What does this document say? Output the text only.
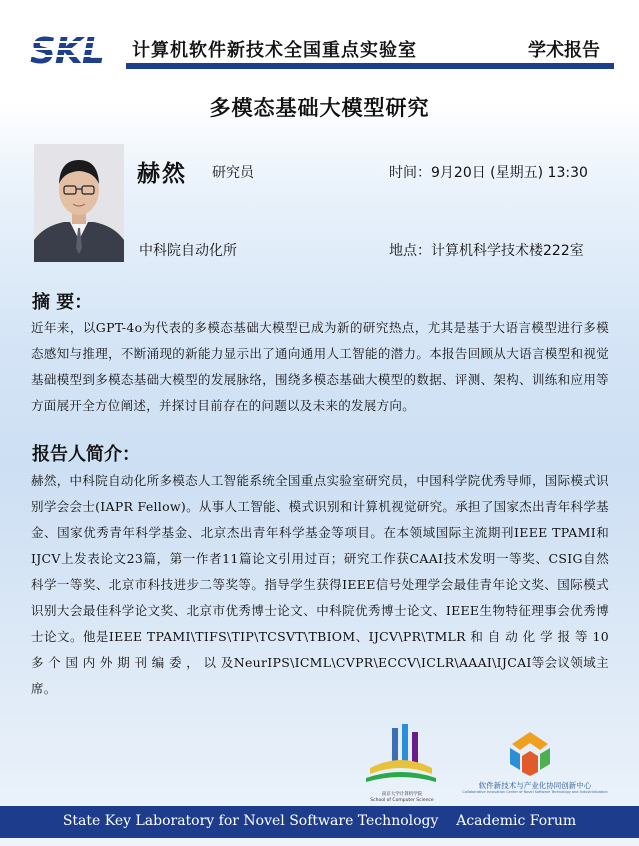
SKL 计算机软件新技术全国重点实验室	学术报告
多模态基础大模型研究
赫然 研究员
中科院自动化所
时间：9月20日 (星期五) 13:30
地点：计算机科学技术楼222室
摘 要：
近年来，以GPT-4o为代表的多模态基础大模型已成为新的研究热点，尤其是基于大语言模型进行多模态感知与推理，不断涌现的新能力显示出了通向通用人工智能的潜力。本报告回顾从大语言模型和视觉基础模型到多模态基础大模型的发展脉络，围绕多模态基础大模型的数据、评测、架构、训练和应用等方面展开全方位阐述，并探讨目前存在的问题以及未来的发展方向。
报告人简介：
赫然，中科院自动化所多模态人工智能系统全国重点实验室研究员，中国科学院优秀导师，国际模式识别学会会士(IAPR Fellow)。从事人工智能、模式识别和计算机视觉研究。承担了国家杰出青年科学基金、国家优秀青年科学基金、北京杰出青年科学基金等项目。在本领域国际主流期刊IEEE TPAMI和IJCV上发表论文23篇，第一作者11篇论文引用过百；研究工作获CAAI技术发明一等奖、CSIG自然科学一等奖、北京市科技进步二等奖等。指导学生获得IEEE信号处理学会最佳青年论文奖、国际模式识别大会最佳科学论文奖、北京市优秀博士论文、中科院优秀博士论文、IEEE生物特征理事会优秀博士论文。他是IEEE TPAMI\TIFS\TIP\TCSVT\TBIOM、IJCV\PR\TMLR 和 自 动 化 学 报 等 10 多 个 国 内 外 期 刊 编 委 ， 以 及NeurIPS\ICML\CVPR\ECCV\ICLR\AAAI\IJCAI等会议领域主席。
南京大学计算机学院
School of Computer Science
软件新技术与产业化协同创新中心
Collaborative Innovation Center of Novel Software Technology and Industrialization
State Key Laboratory for Novel Software Technology    Academic Forum
